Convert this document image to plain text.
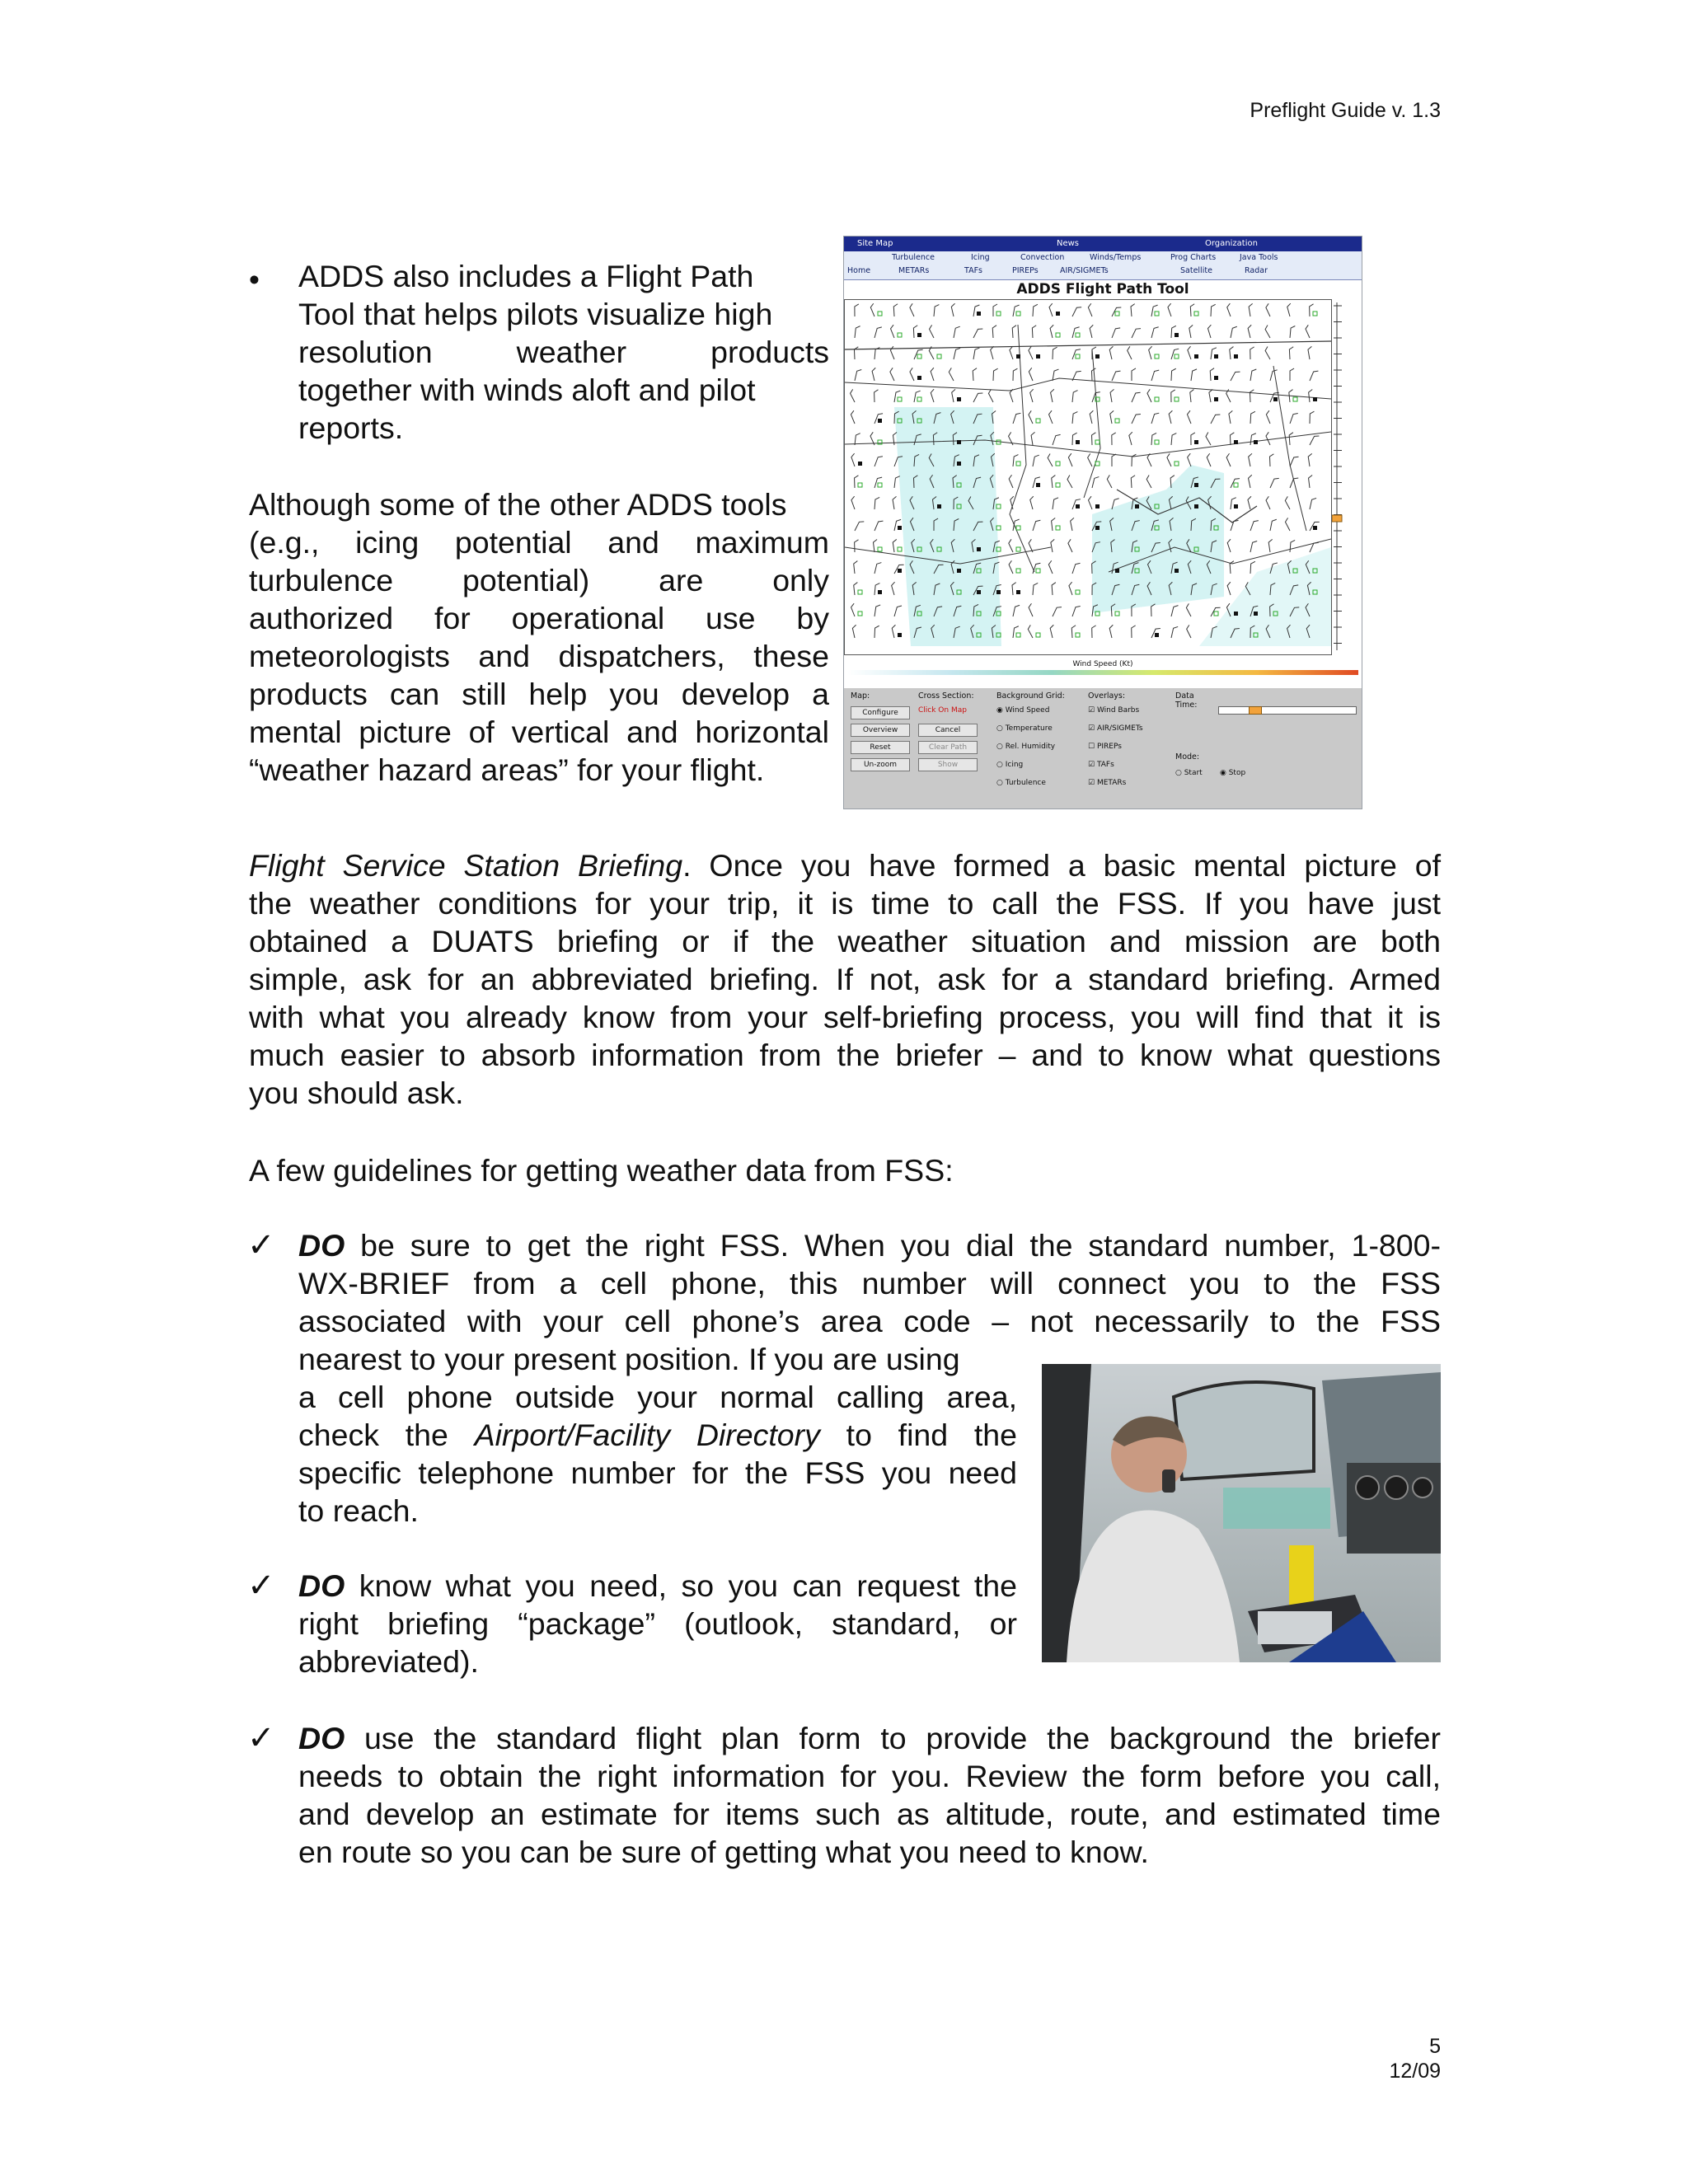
Preflight Guide v. 1.3
• ADDS also includes a Flight Path
Tool that helps pilots visualize high
resolution weather products
together with winds aloft and pilot
reports.
Although some of the other ADDS tools
(e.g., icing potential and maximum
turbulence potential) are only
authorized for operational use by
meteorologists and dispatchers, these
products can still help you develop a
mental picture of vertical and horizontal
“weather hazard areas” for your flight.
Site Map	News	Organization
Turbulence	Icing	Convection	Winds/Temps	Prog Charts	Java Tools
Home	METARs	TAFs	PIREPs	AIR/SIGMETs	Satellite	Radar
ADDS Flight Path Tool
Wind Speed (Kt)
Map:
Configure
Overview
Reset
Un-zoom
Cross Section:
Click On Map
Cancel
Clear Path
Show
Background Grid:
◉ Wind Speed
○ Temperature
○ Rel. Humidity
○ Icing
○ Turbulence
Overlays:
☑ Wind Barbs
☑ AIR/SIGMETs
☐ PIREPs
☑ TAFs
☑ METARs
Data Time:
Mode:
○ Start ◉ Stop
Flight Service Station Briefing. Once you have formed a basic mental picture of
the weather conditions for your trip, it is time to call the FSS. If you have just
obtained a DUATS briefing or if the weather situation and mission are both
simple, ask for an abbreviated briefing. If not, ask for a standard briefing. Armed
with what you already know from your self-briefing process, you will find that it is
much easier to absorb information from the briefer – and to know what questions
you should ask.
A few guidelines for getting weather data from FSS:
✓ DO be sure to get the right FSS. When you dial the standard number, 1-800-
WX-BRIEF from a cell phone, this number will connect you to the FSS
associated with your cell phone’s area code – not necessarily to the FSS
nearest to your present position. If you are using
a cell phone outside your normal calling area,
check the Airport/Facility Directory to find the
specific telephone number for the FSS you need
to reach.
✓ DO know what you need, so you can request the
right briefing “package” (outlook, standard, or
abbreviated).
✓ DO use the standard flight plan form to provide the background the briefer
needs to obtain the right information for you. Review the form before you call,
and develop an estimate for items such as altitude, route, and estimated time
en route so you can be sure of getting what you need to know.
5
12/09
